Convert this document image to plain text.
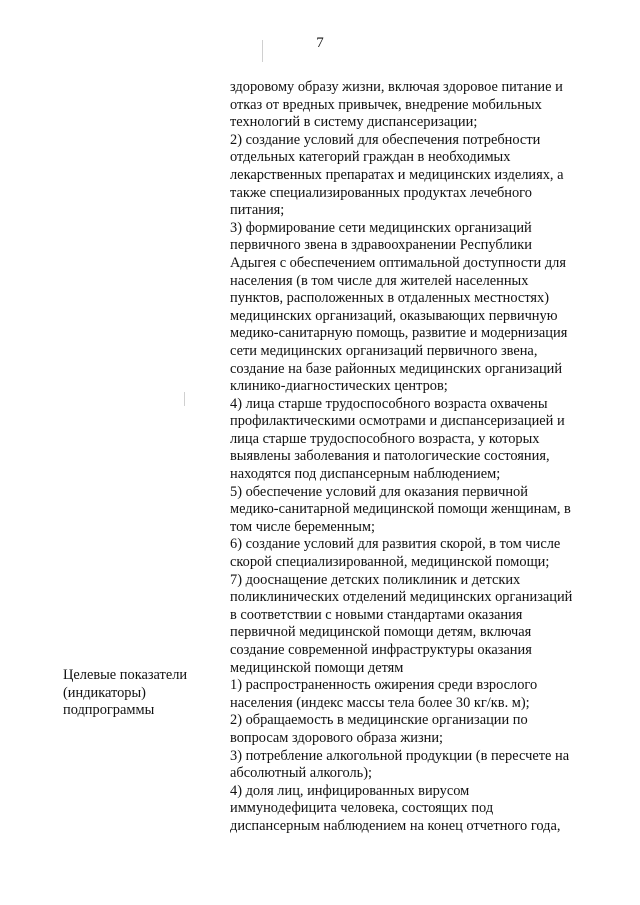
7
Целевые показатели
(индикаторы)
подпрограммы
здоровому образу жизни, включая здоровое питание и
отказ от вредных привычек, внедрение мобильных
технологий в систему диспансеризации;
2) создание условий для обеспечения потребности
отдельных категорий граждан в необходимых
лекарственных препаратах и медицинских изделиях, а
также специализированных продуктах лечебного
питания;
3) формирование сети медицинских организаций
первичного звена в здравоохранении Республики
Адыгея с обеспечением оптимальной доступности для
населения (в том числе для жителей населенных
пунктов, расположенных в отдаленных местностях)
медицинских организаций, оказывающих первичную
медико-санитарную помощь, развитие и модернизация
сети медицинских организаций первичного звена,
создание на базе районных медицинских организаций
клинико-диагностических центров;
4) лица старше трудоспособного возраста охвачены
профилактическими осмотрами и диспансеризацией и
лица старше трудоспособного возраста, у которых
выявлены заболевания и патологические состояния,
находятся под диспансерным наблюдением;
5) обеспечение условий для оказания первичной
медико-санитарной медицинской помощи женщинам, в
том числе беременным;
6) создание условий для развития скорой, в том числе
скорой специализированной, медицинской помощи;
7) дооснащение детских поликлиник и детских
поликлинических отделений медицинских организаций
в соответствии с новыми стандартами оказания
первичной медицинской помощи детям, включая
создание современной инфраструктуры оказания
медицинской помощи детям
1) распространенность ожирения среди взрослого
населения (индекс массы тела более 30 кг/кв. м);
2) обращаемость в медицинские организации по
вопросам здорового образа жизни;
3) потребление алкогольной продукции (в пересчете на
абсолютный алкоголь);
4) доля лиц, инфицированных вирусом
иммунодефицита человека, состоящих под
диспансерным наблюдением на конец отчетного года,
